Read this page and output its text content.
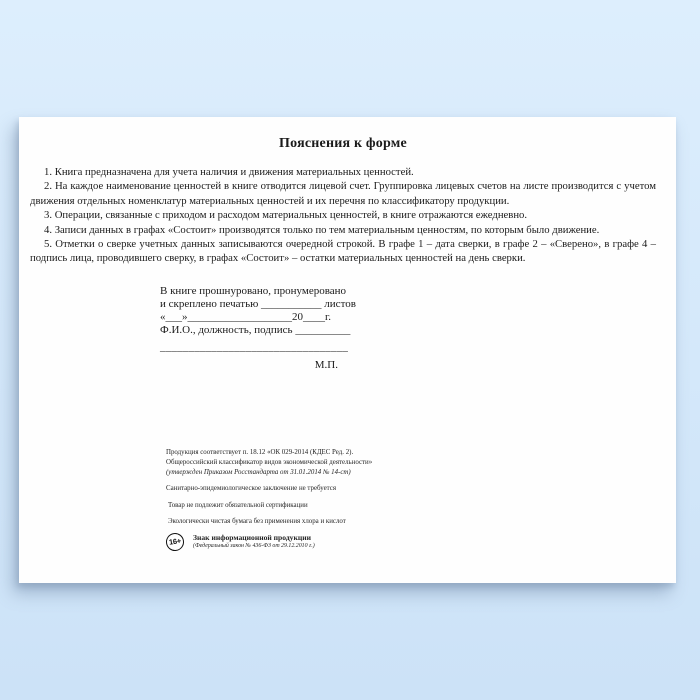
Пояснения к форме

1. Книга предназначена для учета наличия и движения материальных ценностей.

2. На каждое наименование ценностей в книге отводится лицевой счет. Группировка лицевых счетов на листе производится с учетом движения отдельных номенклатур материальных ценностей и их перечня по классификатору продукции.

3. Операции, связанные с приходом и расходом материальных ценностей, в книге отражаются ежедневно.

4. Записи данных в графах «Состоит» производятся только по тем материальным ценностям, по которым было движение.

5. Отметки о сверке учетных данных записываются очередной строкой. В графе 1 – дата сверки, в графе 2 – «Сверено», в графе 4 – подпись лица, проводившего сверку, в графах «Состоит» – остатки материальных ценностей на день сверки.

В книге прошнуровано, пронумеровано
и скреплено печатью ___________ листов
«___»___________________20____г.
Ф.И.О., должность, подпись __________
_________________________________
М.П.

Продукция соответствует п. 18.12 «ОК 029-2014 (КДЕС Ред. 2).

Общероссийский классификатор видов экономической деятельности»

(утвержден Приказом Росстандарта от 31.01.2014 № 14-ст)

Санитарно-эпидемиологическое заключение не требуется

Товар не подлежит обязательной сертификации

Экологически чистая бумага без применения хлора и кислот

16+ Знак информационной продукции
(Федеральный закон № 436-ФЗ от 29.12.2010 г.)
